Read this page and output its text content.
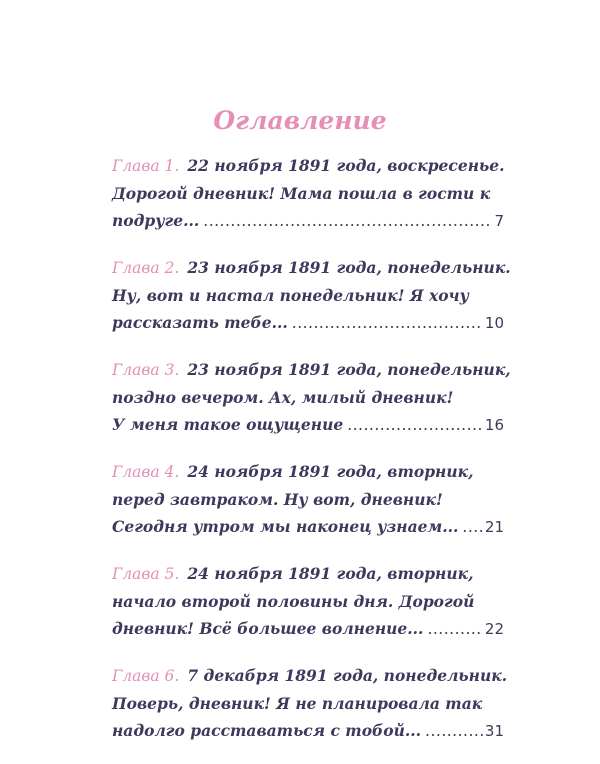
Оглавление
Глава 1. 22 ноября 1891 года, воскресенье.
Дорогой дневник! Мама пошла в гости к
подруге... .....	7
Глава 2. 23 ноября 1891 года, понедельник.
Ну, вот и настал понедельник! Я хочу
рассказать тебе... .....	10
Глава 3. 23 ноября 1891 года, понедельник,
поздно вечером. Ах, милый дневник!
У меня такое ощущение .....	16
Глава 4. 24 ноября 1891 года, вторник,
перед завтраком. Ну вот, дневник!
Сегодня утром мы наконец узнаем... ..... 21
Глава 5. 24 ноября 1891 года, вторник,
начало второй половины дня. Дорогой
дневник! Всё большее волнение... .....	22
Глава 6. 7 декабря 1891 года, понедельник.
Поверь, дневник! Я не планировала так
надолго расставаться с тобой... .....	31
